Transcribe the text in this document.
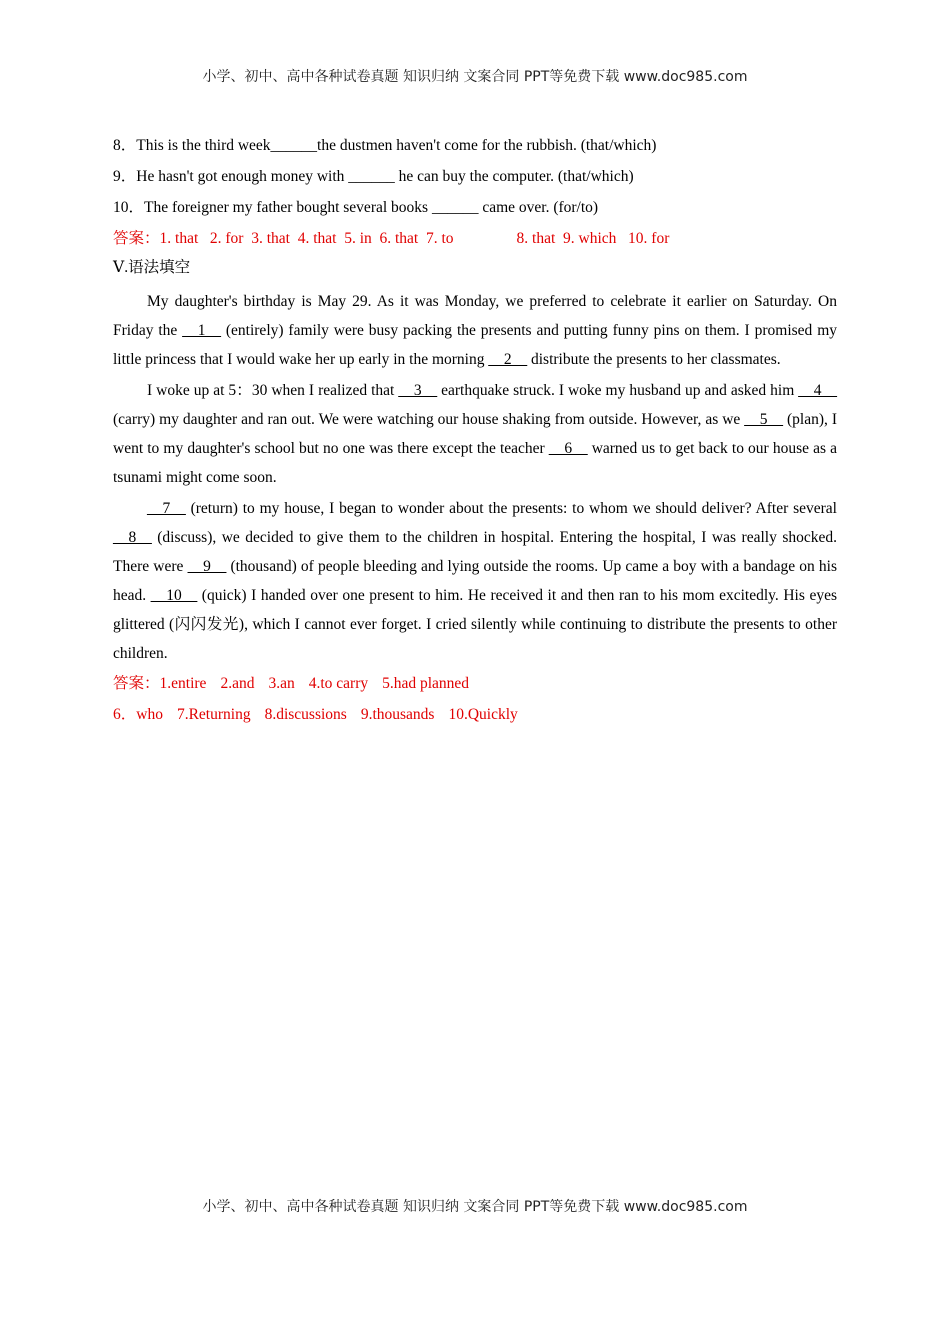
小学、初中、高中各种试卷真题 知识归纳 文案合同 PPT等免费下载 www.doc985.com
8．This is the third week______the dustmen haven't come for the rubbish. (that/which)
9．He hasn't got enough money with ______ he can buy the computer. (that/which)
10．The foreigner my father bought several books ______ came over. (for/to)
答案：1. that   2. for  3. that  4. that  5. in  6. that  7. to	8. that  9. which   10. for
Ⅴ.语法填空

My daughter's birthday is May 29. As it was Monday, we preferred to celebrate it earlier on Saturday. On Friday the __1__ (entirely) family were busy packing the presents and putting funny pins on them. I promised my little princess that I would wake her up early in the morning __2__ distribute the presents to her classmates.

I woke up at 5：30 when I realized that __3__ earthquake struck. I woke my husband up and asked him __4__ (carry) my daughter and ran out. We were watching our house shaking from outside. However, as we __5__ (plan), I went to my daughter's school but no one was there except the teacher __6__ warned us to get back to our house as a tsunami might come soon.

__7__ (return) to my house, I began to wonder about the presents: to whom we should deliver? After several __8__ (discuss), we decided to give them to the children in hospital. Entering the hospital, I was really shocked. There were __9__ (thousand) of people bleeding and lying outside the rooms. Up came a boy with a bandage on his head. __10__ (quick) I handed over one present to him. He received it and then ran to his mom excitedly. His eyes glittered (闪闪发光), which I cannot ever forget. I cried silently while continuing to distribute the presents to other children.

答案：1.entire 2.and 3.an 4.to carry 5.had planned
6．who 7.Returning 8.discussions 9.thousands 10.Quickly
小学、初中、高中各种试卷真题 知识归纳 文案合同 PPT等免费下载 www.doc985.com
